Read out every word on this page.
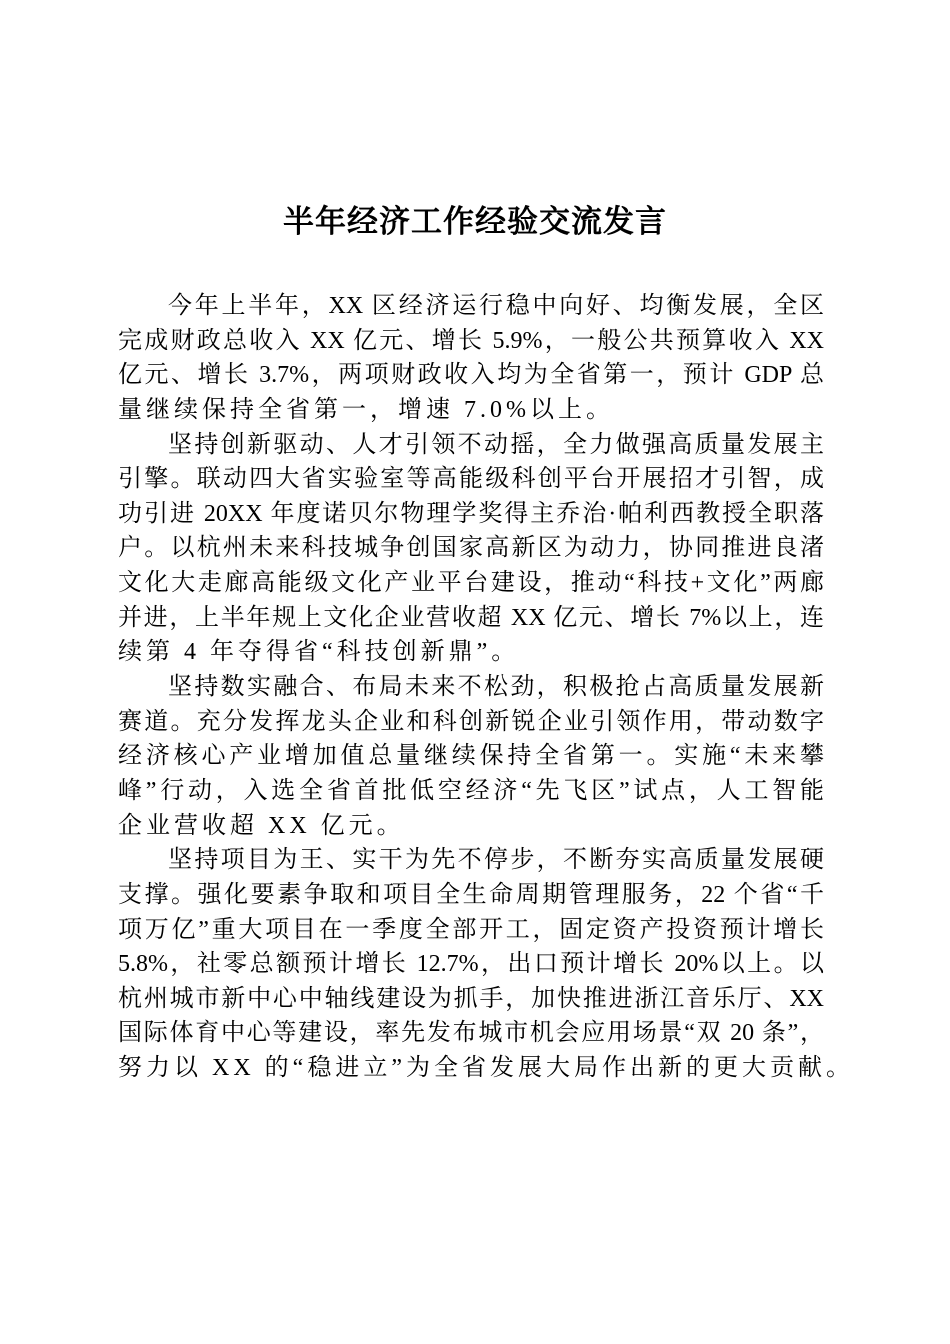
半年经济工作经验交流发言
今年上半年，XX 区经济运行稳中向好、均衡发展，全区
完成财政总收入 XX 亿元、增长 5.9%，一般公共预算收入 XX
亿元、增长 3.7%，两项财政收入均为全省第一，预计 GDP 总
量继续保持全省第一，增速 7.0%以上。
坚持创新驱动、人才引领不动摇，全力做强高质量发展主
引擎。联动四大省实验室等高能级科创平台开展招才引智，成
功引进 20XX 年度诺贝尔物理学奖得主乔治·帕利西教授全职落
户。以杭州未来科技城争创国家高新区为动力，协同推进良渚
文化大走廊高能级文化产业平台建设，推动“科技+文化”两廊
并进，上半年规上文化企业营收超 XX 亿元、增长 7%以上，连
续第 4 年夺得省“科技创新鼎”。
坚持数实融合、布局未来不松劲，积极抢占高质量发展新
赛道。充分发挥龙头企业和科创新锐企业引领作用，带动数字
经济核心产业增加值总量继续保持全省第一。实施“未来攀
峰”行动，入选全省首批低空经济“先飞区”试点，人工智能
企业营收超 XX 亿元。
坚持项目为王、实干为先不停步，不断夯实高质量发展硬
支撑。强化要素争取和项目全生命周期管理服务，22 个省“千
项万亿”重大项目在一季度全部开工，固定资产投资预计增长
5.8%，社零总额预计增长 12.7%，出口预计增长 20%以上。以
杭州城市新中心中轴线建设为抓手，加快推进浙江音乐厅、XX
国际体育中心等建设，率先发布城市机会应用场景“双 20 条”，
努力以 XX 的“稳进立”为全省发展大局作出新的更大贡献。
